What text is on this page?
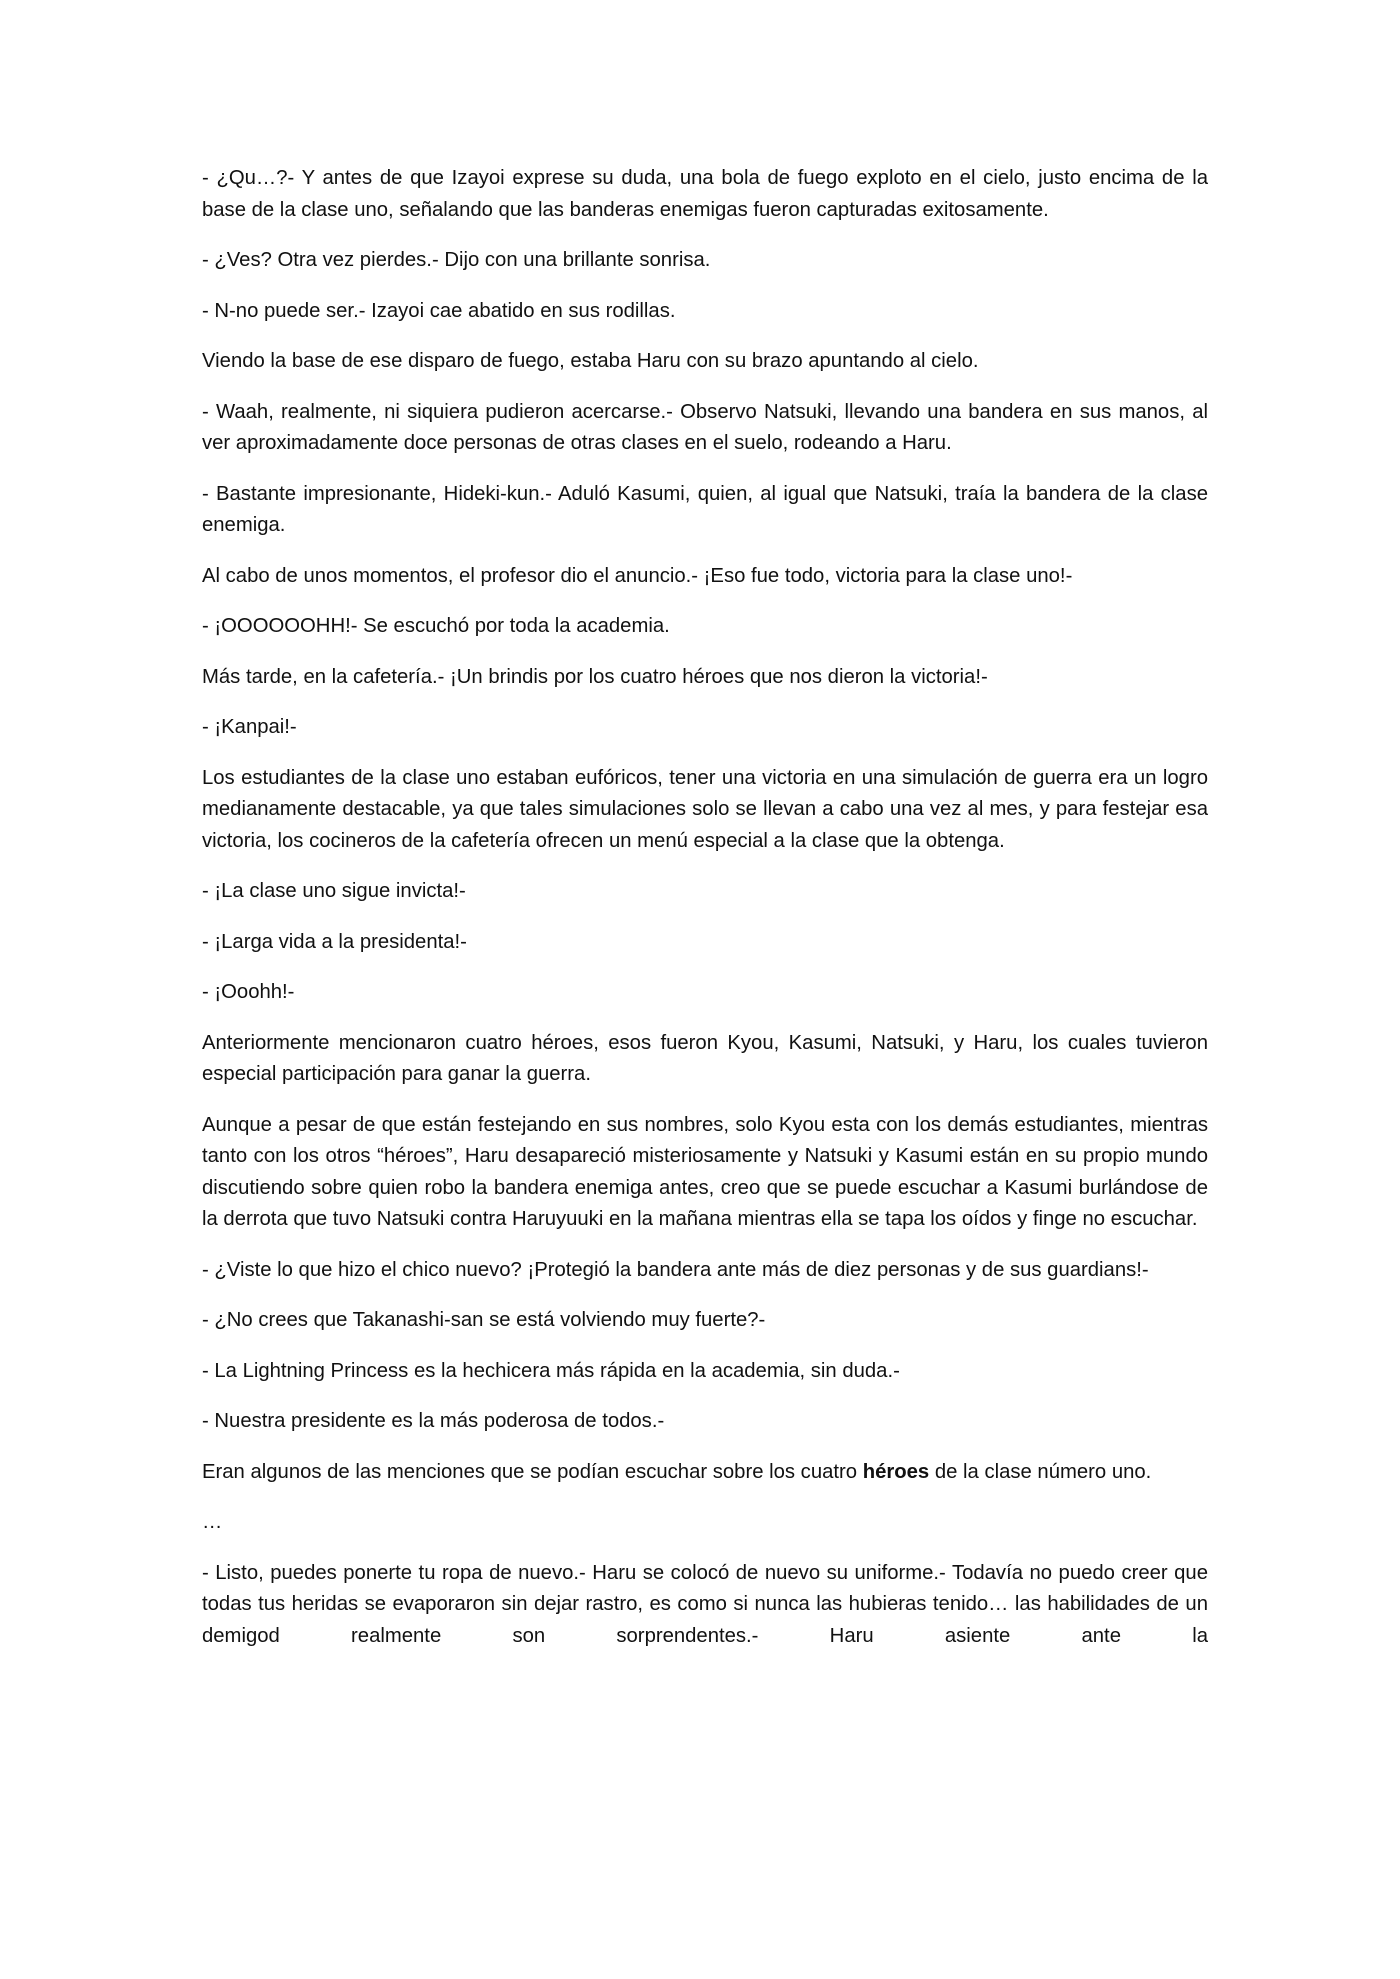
- ¿Qu…?- Y antes de que Izayoi exprese su duda, una bola de fuego exploto en el cielo, justo encima de la base de la clase uno, señalando que las banderas enemigas fueron capturadas exitosamente.

- ¿Ves? Otra vez pierdes.- Dijo con una brillante sonrisa.

- N-no puede ser.- Izayoi cae abatido en sus rodillas.

Viendo la base de ese disparo de fuego, estaba Haru con su brazo apuntando al cielo.

- Waah, realmente, ni siquiera pudieron acercarse.- Observo Natsuki, llevando una bandera en sus manos, al ver aproximadamente doce personas de otras clases en el suelo, rodeando a Haru.

- Bastante impresionante, Hideki-kun.- Aduló Kasumi, quien, al igual que Natsuki, traía la bandera de la clase enemiga.

Al cabo de unos momentos, el profesor dio el anuncio.- ¡Eso fue todo, victoria para la clase uno!-

- ¡OOOOOOHH!- Se escuchó por toda la academia.

Más tarde, en la cafetería.- ¡Un brindis por los cuatro héroes que nos dieron la victoria!-

- ¡Kanpai!-

Los estudiantes de la clase uno estaban eufóricos, tener una victoria en una simulación de guerra era un logro medianamente destacable, ya que tales simulaciones solo se llevan a cabo una vez al mes, y para festejar esa victoria, los cocineros de la cafetería ofrecen un menú especial a la clase que la obtenga.

- ¡La clase uno sigue invicta!-

- ¡Larga vida a la presidenta!-

- ¡Ooohh!-

Anteriormente mencionaron cuatro héroes, esos fueron Kyou, Kasumi, Natsuki, y Haru, los cuales tuvieron especial participación para ganar la guerra.

Aunque a pesar de que están festejando en sus nombres, solo Kyou esta con los demás estudiantes, mientras tanto con los otros “héroes”, Haru desapareció misteriosamente y Natsuki y Kasumi están en su propio mundo discutiendo sobre quien robo la bandera enemiga antes, creo que se puede escuchar a Kasumi burlándose de la derrota que tuvo Natsuki contra Haruyuuki en la mañana mientras ella se tapa los oídos y finge no escuchar.

- ¿Viste lo que hizo el chico nuevo? ¡Protegió la bandera ante más de diez personas y de sus guardians!-

- ¿No crees que Takanashi-san se está volviendo muy fuerte?-

- La Lightning Princess es la hechicera más rápida en la academia, sin duda.-

- Nuestra presidente es la más poderosa de todos.-

Eran algunos de las menciones que se podían escuchar sobre los cuatro héroes de la clase número uno.

…

- Listo, puedes ponerte tu ropa de nuevo.- Haru se colocó de nuevo su uniforme.- Todavía no puedo creer que todas tus heridas se evaporaron sin dejar rastro, es como si nunca las hubieras tenido… las habilidades de un demigod realmente son sorprendentes.- Haru asiente ante la
